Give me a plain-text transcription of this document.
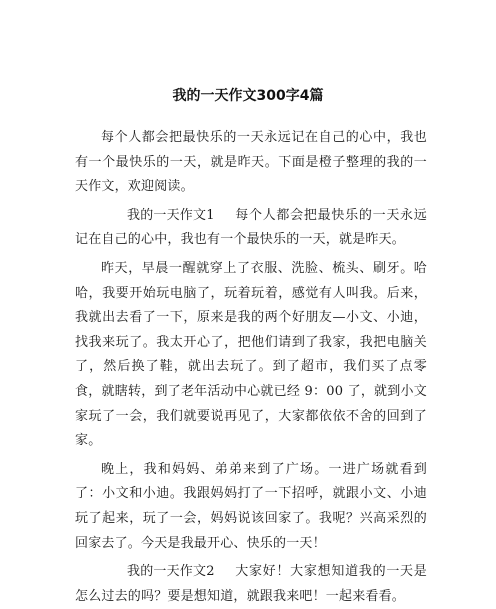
我的一天作文300字4篇

每个人都会把最快乐的一天永远记在自己的心中，我也有一个最快乐的一天，就是昨天。下面是橙子整理的我的一天作文，欢迎阅读。

我的一天作文1 每个人都会把最快乐的一天永远记在自己的心中，我也有一个最快乐的一天，就是昨天。

昨天，早晨一醒就穿上了衣服、洗脸、梳头、刷牙。哈哈，我要开始玩电脑了，玩着玩着，感觉有人叫我。后来，我就出去看了一下，原来是我的两个好朋友—小文、小迪，找我来玩了。我太开心了，把他们请到了我家，我把电脑关了，然后换了鞋，就出去玩了。到了超市，我们买了点零食，就瞎转，到了老年活动中心就已经 9：00 了，就到小文家玩了一会，我们就要说再见了，大家都依依不舍的回到了家。

晚上，我和妈妈、弟弟来到了广场。一进广场就看到了：小文和小迪。我跟妈妈打了一下招呼，就跟小文、小迪玩了起来，玩了一会，妈妈说该回家了。我呢？兴高采烈的回家去了。今天是我最开心、快乐的一天！

我的一天作文2 大家好！大家想知道我的一天是怎么过去的吗？要是想知道，就跟我来吧！一起来看看。
